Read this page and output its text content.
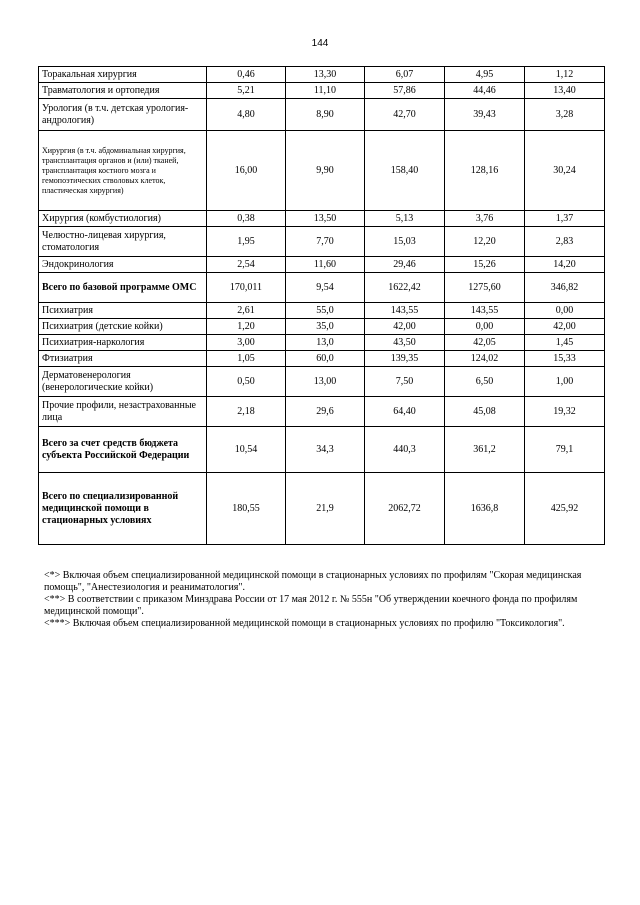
144
Торакальная хирургия	0,46	13,30	6,07	4,95	1,12
Травматология и ортопедия	5,21	11,10	57,86	44,46	13,40
Урология (в т.ч. детская урология-андрология)	4,80	8,90	42,70	39,43	3,28
Хирургия (в т.ч. абдоминальная хирургия, трансплантация органов и (или) тканей, трансплантация костного мозга и гемопоэтических стволовых клеток, пластическая хирургия)	16,00	9,90	158,40	128,16	30,24
Хирургия (комбустиология)	0,38	13,50	5,13	3,76	1,37
Челюстно-лицевая хирургия, стоматология	1,95	7,70	15,03	12,20	2,83
Эндокринология	2,54	11,60	29,46	15,26	14,20
Всего по базовой программе ОМС	170,011	9,54	1622,42	1275,60	346,82
Психиатрия	2,61	55,0	143,55	143,55	0,00
Психиатрия (детские койки)	1,20	35,0	42,00	0,00	42,00
Психиатрия-наркология	3,00	13,0	43,50	42,05	1,45
Фтизиатрия	1,05	60,0	139,35	124,02	15,33
Дерматовенерология (венерологические койки)	0,50	13,00	7,50	6,50	1,00
Прочие профили, незастрахованные лица	2,18	29,6	64,40	45,08	19,32
Всего за счет средств бюджета субъекта Российской Федерации	10,54	34,3	440,3	361,2	79,1
Всего по специализированной медицинской помощи в стационарных условиях	180,55	21,9	2062,72	1636,8	425,92

<*> Включая объем специализированной медицинской помощи в стационарных условиях по профилям "Скорая медицинская помощь", "Анестезиология и реаниматология".

<**> В соответствии с приказом Минздрава России от 17 мая 2012 г. № 555н "Об утверждении коечного фонда по профилям медицинской помощи".

<***> Включая объем специализированной медицинской помощи в стационарных условиях по профилю "Токсикология".
